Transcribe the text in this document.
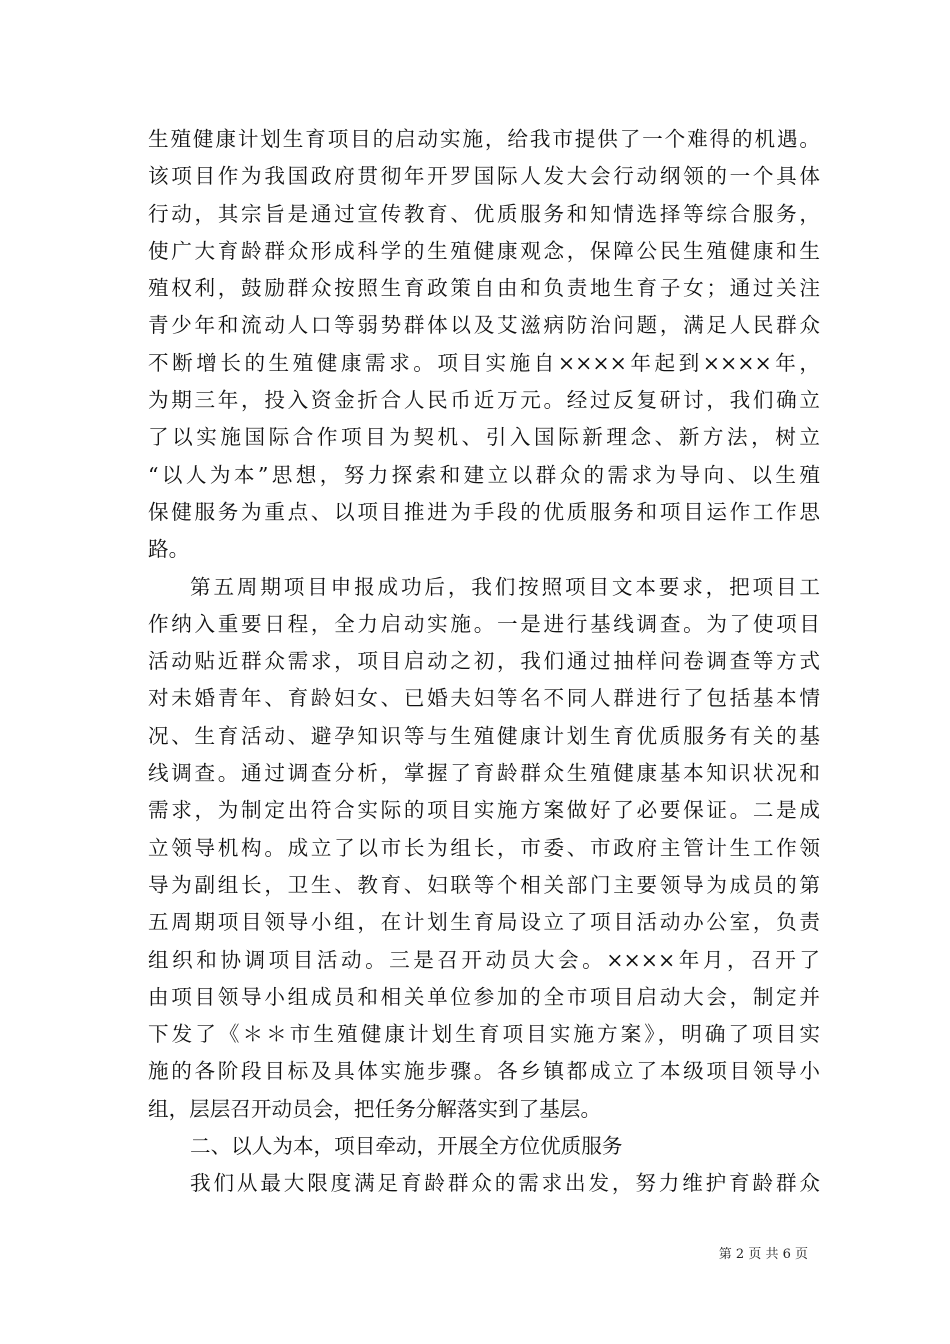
生殖健康计划生育项目的启动实施，给我市提供了一个难得的机遇。
该项目作为我国政府贯彻年开罗国际人发大会行动纲领的一个具体
行动，其宗旨是通过宣传教育、优质服务和知情选择等综合服务，
使广大育龄群众形成科学的生殖健康观念，保障公民生殖健康和生
殖权利，鼓励群众按照生育政策自由和负责地生育子女；通过关注
青少年和流动人口等弱势群体以及艾滋病防治问题，满足人民群众
不断增长的生殖健康需求。项目实施自××××年起到××××年，
为期三年，投入资金折合人民币近万元。经过反复研讨，我们确立
了以实施国际合作项目为契机、引入国际新理念、新方法，树立
“以人为本”思想，努力探索和建立以群众的需求为导向、以生殖
保健服务为重点、以项目推进为手段的优质服务和项目运作工作思
路。
第五周期项目申报成功后，我们按照项目文本要求，把项目工
作纳入重要日程，全力启动实施。一是进行基线调查。为了使项目
活动贴近群众需求，项目启动之初，我们通过抽样问卷调查等方式
对未婚青年、育龄妇女、已婚夫妇等名不同人群进行了包括基本情
况、生育活动、避孕知识等与生殖健康计划生育优质服务有关的基
线调查。通过调查分析，掌握了育龄群众生殖健康基本知识状况和
需求，为制定出符合实际的项目实施方案做好了必要保证。二是成
立领导机构。成立了以市长为组长，市委、市政府主管计生工作领
导为副组长，卫生、教育、妇联等个相关部门主要领导为成员的第
五周期项目领导小组，在计划生育局设立了项目活动办公室，负责
组织和协调项目活动。三是召开动员大会。××××年月，召开了
由项目领导小组成员和相关单位参加的全市项目启动大会，制定并
下发了《＊＊市生殖健康计划生育项目实施方案》，明确了项目实
施的各阶段目标及具体实施步骤。各乡镇都成立了本级项目领导小
组，层层召开动员会，把任务分解落实到了基层。
二、以人为本，项目牵动，开展全方位优质服务
我们从最大限度满足育龄群众的需求出发，努力维护育龄群众
第 2 页 共 6 页
